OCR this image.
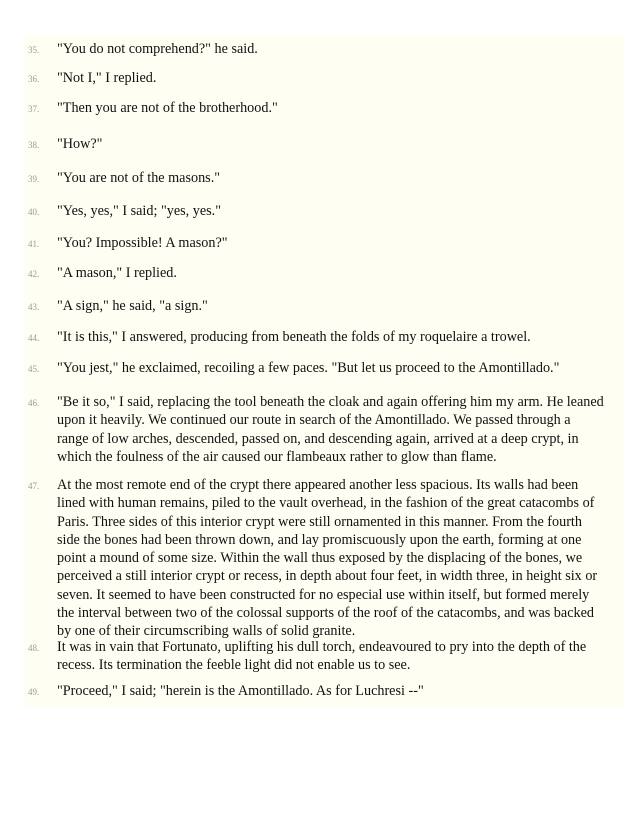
35. "You do not comprehend?" he said.
36. "Not I," I replied.
37. "Then you are not of the brotherhood."
38. "How?"
39. "You are not of the masons."
40. "Yes, yes," I said; "yes, yes."
41. "You? Impossible! A mason?"
42. "A mason," I replied.
43. "A sign," he said, "a sign."
44. "It is this," I answered, producing from beneath the folds of my roquelaire a trowel.
45. "You jest," he exclaimed, recoiling a few paces. "But let us proceed to the Amontillado."
46. "Be it so," I said, replacing the tool beneath the cloak and again offering him my arm. He leaned
upon it heavily. We continued our route in search of the Amontillado. We passed through a
range of low arches, descended, passed on, and descending again, arrived at a deep crypt, in
which the foulness of the air caused our flambeaux rather to glow than flame.
47. At the most remote end of the crypt there appeared another less spacious. Its walls had been
lined with human remains, piled to the vault overhead, in the fashion of the great catacombs of
Paris. Three sides of this interior crypt were still ornamented in this manner. From the fourth
side the bones had been thrown down, and lay promiscuously upon the earth, forming at one
point a mound of some size. Within the wall thus exposed by the displacing of the bones, we
perceived a still interior crypt or recess, in depth about four feet, in width three, in height six or
seven. It seemed to have been constructed for no especial use within itself, but formed merely
the interval between two of the colossal supports of the roof of the catacombs, and was backed
by one of their circumscribing walls of solid granite.
48. It was in vain that Fortunato, uplifting his dull torch, endeavoured to pry into the depth of the
recess. Its termination the feeble light did not enable us to see.
49. "Proceed," I said; "herein is the Amontillado. As for Luchresi --"
